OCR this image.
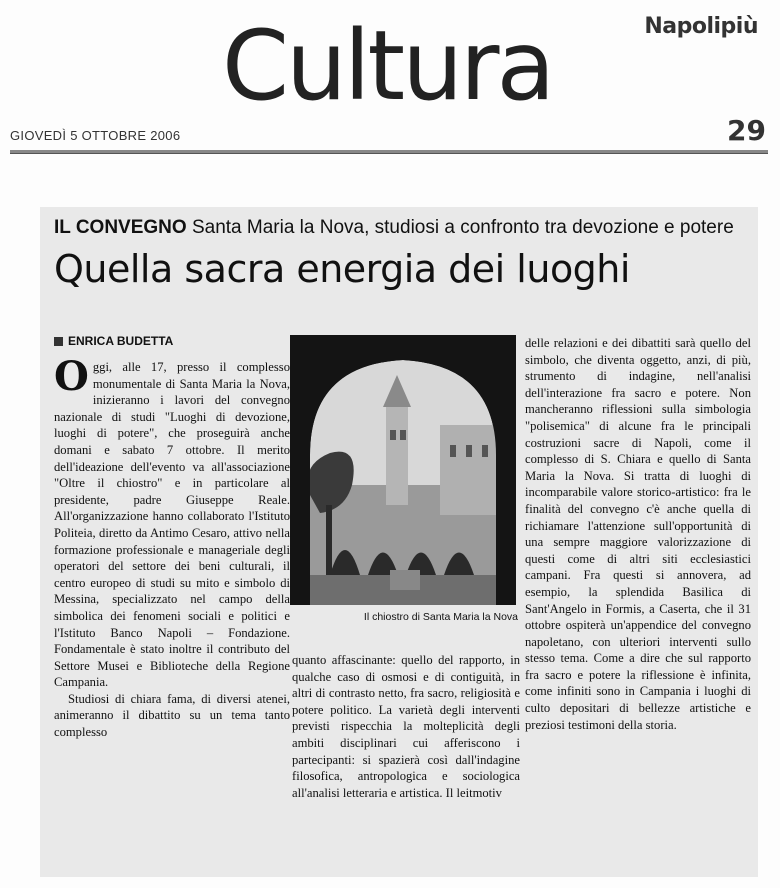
Cultura	Napolipiù
GIOVEDÌ 5 OTTOBRE 2006	29
IL CONVEGNO Santa Maria la Nova, studiosi a confronto tra devozione e potere
Quella sacra energia dei luoghi
ENRICA BUDETTA

Oggi, alle 17, presso il complesso monumentale di Santa Maria la Nova, inizieranno i lavori del convegno nazionale di studi "Luoghi di devozione, luoghi di potere", che proseguirà anche domani e sabato 7 ottobre. Il merito dell'ideazione dell'evento va all'associazione "Oltre il chiostro" e in particolare al presidente, padre Giuseppe Reale. All'organizzazione hanno collaborato l'Istituto Politeia, diretto da Antimo Cesaro, attivo nella formazione professionale e manageriale degli operatori del settore dei beni culturali, il centro europeo di studi su mito e simbolo di Messina, specializzato nel campo della simbolica dei fenomeni sociali e politici e l'Istituto Banco Napoli – Fondazione. Fondamentale è stato inoltre il contributo del Settore Musei e Biblioteche della Regione Campania.

Studiosi di chiara fama, di diversi atenei, animeranno il dibattito su un tema tanto complesso

Il chiostro di Santa Maria la Nova

quanto affascinante: quello del rapporto, in qualche caso di osmosi e di contiguità, in altri di contrasto netto, fra sacro, religiosità e potere politico. La varietà degli interventi previsti rispecchia la molteplicità degli ambiti disciplinari cui afferiscono i partecipanti: si spazierà così dall'indagine filosofica, antropologica e sociologica all'analisi letteraria e artistica. Il leitmotiv

delle relazioni e dei dibattiti sarà quello del simbolo, che diventa oggetto, anzi, di più, strumento di indagine, nell'analisi dell'interazione fra sacro e potere. Non mancheranno riflessioni sulla simbologia "polisemica" di alcune fra le principali costruzioni sacre di Napoli, come il complesso di S. Chiara e quello di Santa Maria la Nova. Si tratta di luoghi di incomparabile valore storico-artistico: fra le finalità del convegno c'è anche quella di richiamare l'attenzione sull'opportunità di una sempre maggiore valorizzazione di questi come di altri siti ecclesiastici campani. Fra questi si annovera, ad esempio, la splendida Basilica di Sant'Angelo in Formis, a Caserta, che il 31 ottobre ospiterà un'appendice del convegno napoletano, con ulteriori interventi sullo stesso tema. Come a dire che sul rapporto fra sacro e potere la riflessione è infinita, come infiniti sono in Campania i luoghi di culto depositari di bellezze artistiche e preziosi testimoni della storia.
